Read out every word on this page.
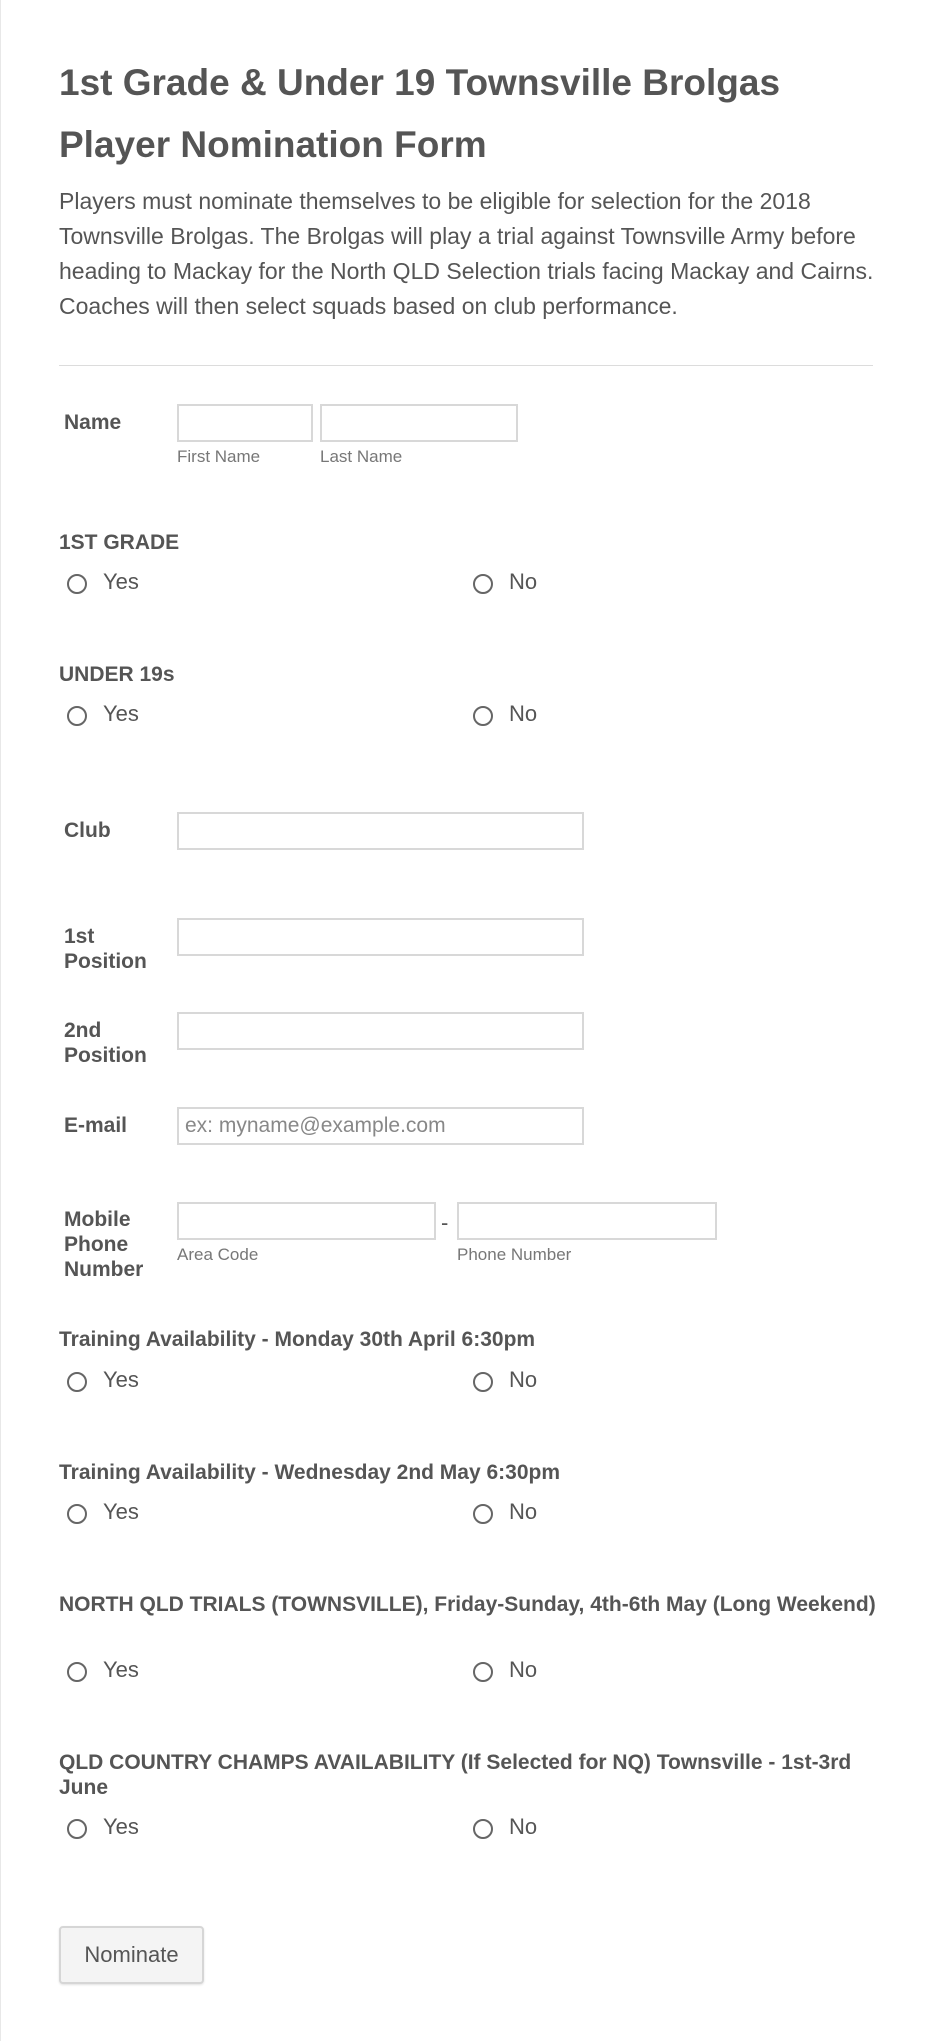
1st Grade & Under 19 Townsville Brolgas Player Nomination Form
Players must nominate themselves to be eligible for selection for the 2018 Townsville Brolgas. The Brolgas will play a trial against Townsville Army before heading to Mackay for the North QLD Selection trials facing Mackay and Cairns. Coaches will then select squads based on club performance.
Name
First Name	Last Name
1ST GRADE
Yes	No
UNDER 19s
Yes	No
Club
1st Position
2nd Position
E-mail
ex: myname@example.com
Mobile Phone Number
-
Area Code	Phone Number
Training Availability - Monday 30th April 6:30pm
Yes	No
Training Availability - Wednesday 2nd May 6:30pm
Yes	No
NORTH QLD TRIALS (TOWNSVILLE), Friday-Sunday, 4th-6th May (Long Weekend)
Yes	No
QLD COUNTRY CHAMPS AVAILABILITY (If Selected for NQ) Townsville - 1st-3rd June
Yes	No
Nominate
